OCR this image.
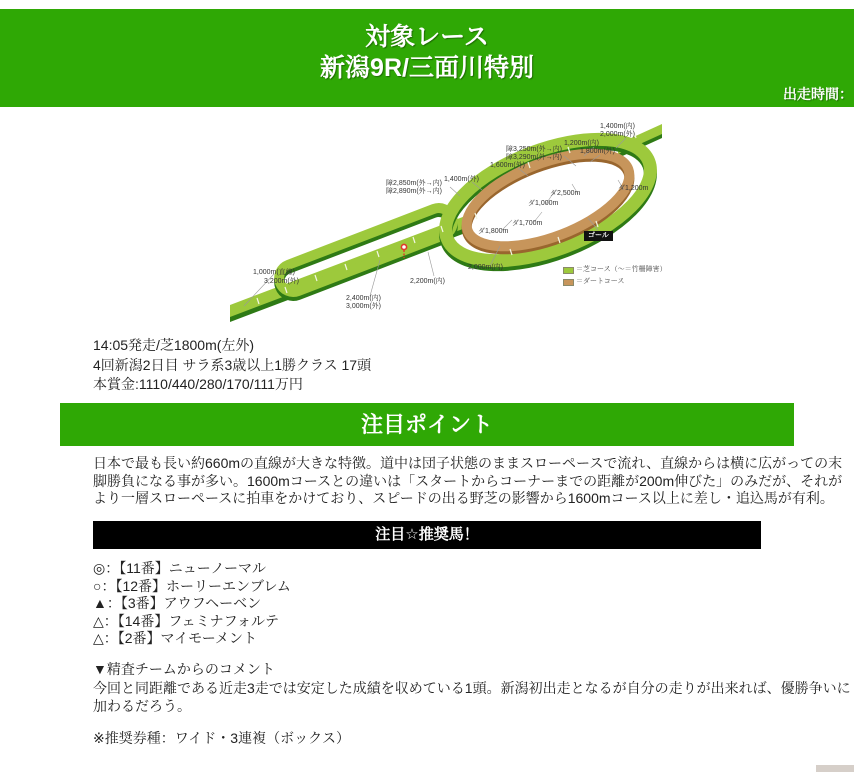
対象レース
新潟9R/三面川特別
出走時間：
1,400m(内)
2,000m(外)
1,200m(内)
1,800m(外)
障3,250m(外→内)
障3,290m(外→内)
1,600m(外)
1,400m(外)
障2,850m(外→内)
障2,890m(外→内)	ダ2,500m
ダ1,200m
ダ1,000m
ダ1,700m
ダ1,800m
2,000m(内)
2,200m(内)
1,000m(直線)
3,200m(外)
2,400m(内)
3,000m(外)
ゴール
＝芝コース（～＝竹柵障害）
＝ダートコース
14:05発走/芝1800m(左外)
4回新潟2日目 サラ系3歳以上1勝クラス 17頭
本賞金:1110/440/280/170/111万円
注目ポイント

日本で最も長い約660mの直線が大きな特徴。道中は団子状態のままスローペースで流れ、直線からは横に広がっての末脚勝負になる事が多い。1600mコースとの違いは「スタートからコーナーまでの距離が200m伸びた」のみだが、それがより一層スローペースに拍車をかけており、スピードの出る野芝の影響から1600mコース以上に差し・追込馬が有利。

注目☆推奨馬！
◎：【11番】ニューノーマル
○：【12番】ホーリーエンブレム
▲：【3番】アウフヘーベン
△：【14番】フェミナフォルテ
△：【2番】マイモーメント
▼精査チームからのコメント

今回と同距離である近走3走では安定した成績を収めている1頭。新潟初出走となるが自分の走りが出来れば、優勝争いに加わるだろう。

※推奨券種：ワイド・3連複（ボックス）
